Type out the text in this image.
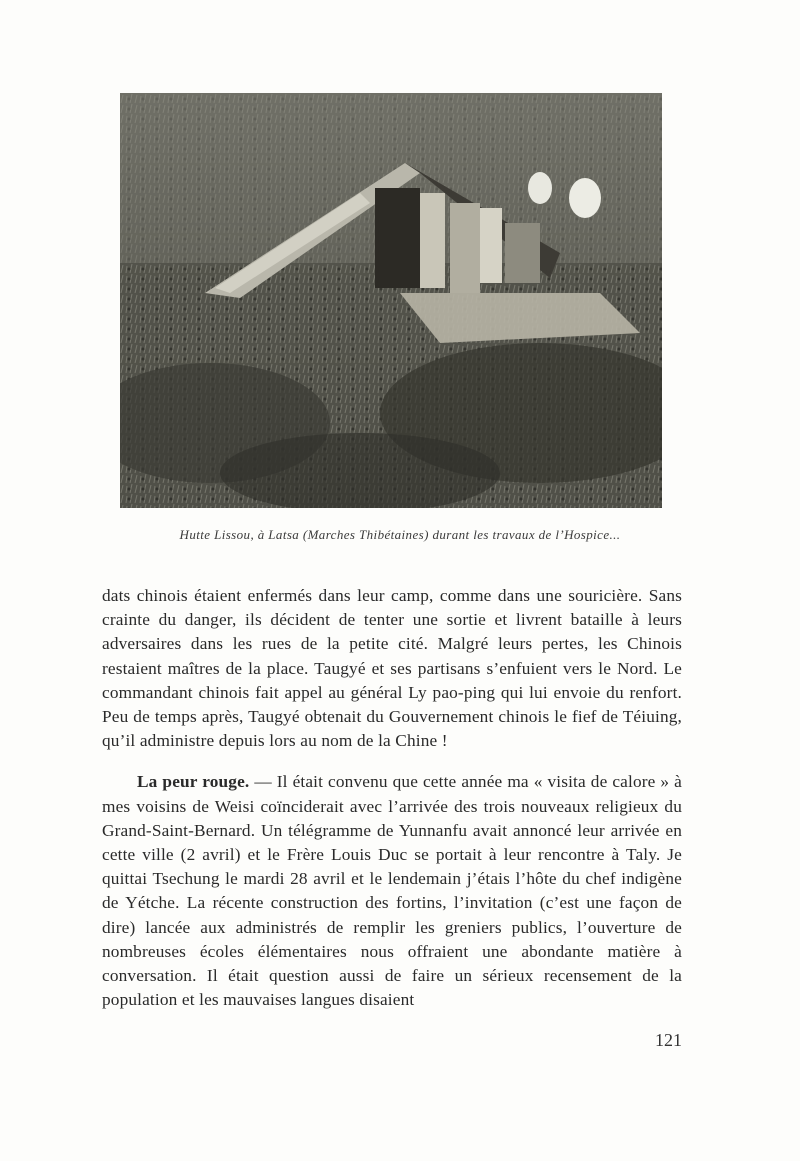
Hutte Lissou, à Latsa (Marches Thibétaines) durant les travaux de l’Hospice...

dats chinois étaient enfermés dans leur camp, comme dans une souricière. Sans crainte du danger, ils décident de tenter une sortie et livrent bataille à leurs adversaires dans les rues de la petite cité. Malgré leurs pertes, les Chinois restaient maîtres de la place. Taugyé et ses partisans s’enfuient vers le Nord. Le commandant chinois fait appel au général Ly pao-ping qui lui envoie du renfort. Peu de temps après, Taugyé obtenait du Gouvernement chinois le fief de Téiuing, qu’il administre depuis lors au nom de la Chine !

La peur rouge. — Il était convenu que cette année ma « visita de calore » à mes voisins de Weisi coïnciderait avec l’arrivée des trois nouveaux religieux du Grand-Saint-Bernard. Un télégramme de Yunnanfu avait annoncé leur arrivée en cette ville (2 avril) et le Frère Louis Duc se portait à leur rencontre à Taly. Je quittai Tsechung le mardi 28 avril et le lendemain j’étais l’hôte du chef indigène de Yétche. La récente construction des fortins, l’invitation (c’est une façon de dire) lancée aux administrés de remplir les greniers publics, l’ouverture de nombreuses écoles élémentaires nous offraient une abondante matière à conversation. Il était question aussi de faire un sérieux recensement de la population et les mauvaises langues disaient

121
